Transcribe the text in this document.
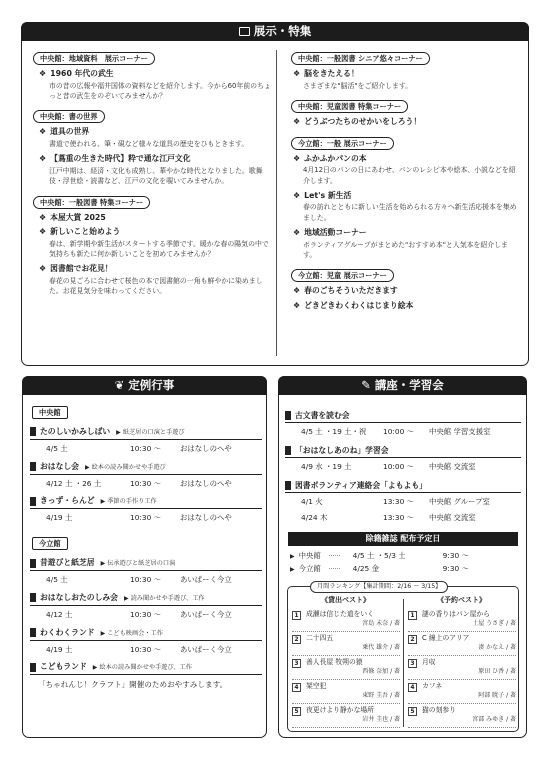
展示・特集
中央館：地域資料　展示コーナー
❖ 1960 年代の武生
市の昔の広報や福井国体の資料などを紹介します。今から60年前のちょっと昔の武生をのぞいてみませんか？
中央館：書の世界
❖ 道具の世界
書道で使われる、筆・硯など様々な道具の歴史をひもときます。
❖ 【蔦重の生きた時代】粋で通な江戸文化
江戸中期は、経済・文化も成熟し、華やかな時代となりました。歌舞伎・浮世絵・読書など、江戸の文化を覗いてみませんか。
中央館：一般図書 特集コーナー
❖ 本屋大賞 2025
❖ 新しいこと始めよう
春は、新学期や新生活がスタートする季節です。暖かな春の陽気の中で気持ちも新たに何か新しいことを初めてみませんか？
❖ 図書館でお花見！
春花の見ごろに合わせて桜色の本で図書館の一角も鮮やかに染めました。お花見気分を味わってください。
中央館：一般図書 シニア悠々コーナー
❖ 脳をきたえる！
さまざまな"脳活"をご紹介します。
中央館：児童図書 特集コーナー
❖ どうぶつたちのせかいをしろう！
今立館：一般 展示コーナー
❖ ふかふかパンの本
4月12日のパンの日にあわせ、パンのレシピ本や絵本、小説などを紹介します。
❖ Let's 新生活
春の訪れとともに新しい生活を始められる方々へ新生活応援本を集めました。
❖ 地域活動コーナー
ボランティアグループがまとめた"おすすめ本"と人気本を紹介します。
今立館：児童 展示コーナー
❖ 春のごちそういただきます
❖ どきどきわくわくはじまり絵本
❦ 定例行事
中央館
たのしいかみしばい ▶ 紙芝居の口演と手遊び
4/5 土	10:30 〜	おはなしのへや
おはなし会 ▶ 絵本の読み聞かせや手遊び
4/12 土 ・26 土	10:30 〜	おはなしのへや
きっず・らんど ▶ 季節の手作り工作
4/19 土	10:30 〜	おはなしのへや
今立館
昔遊びと紙芝居 ▶ 伝承遊びと紙芝居の口演
4/5 土	10:30 〜	あいぱーく今立
おはなしおたのしみ会 ▶ 読み聞かせや手遊び、工作
4/12 土	10:30 〜	あいぱーく今立
わくわくランド ▶ こども映画会・工作
4/19 土	10:30 〜	あいぱーく今立
こどもランド ▶ 絵本の読み聞かせや手遊び、工作
「ちゃれんじ！クラフト」開催のためおやすみします。
✎ 講座・学習会
古文書を読む会
4/5 土 ・19 土・祝	10:00 〜	中央館 学習支援室
「おはなしあのね」学習会
4/9 水 ・19 土	10:00 〜	中央館 交流室
図書ボランティア連絡会「よもよも」
4/1 火	13:30 〜	中央館 グループ室
4/24 木	13:30 〜	中央館 交流室
除籍雑誌 配布予定日
▶ 中央館	……	4/5 土 ・5/3 土	9:30 〜
▶ 今立館	……	4/25 金	9:30 〜
月間ランキング【集計期間：2/16 〜 3/15】
《貸出ベスト》	《予約ベスト》
1	成瀬は信じた道をいく
宮島 未奈 / 著
2	二十四五
乗代 雄介 / 著
3	善人長屋 牧朔の猿
西條 奈加 / 著
4	架空犯
東野 圭吾 / 著
5	夜更けより静かな場所
岩井 圭也 / 著
1	謎の香りはパン屋から
土屋 うさぎ / 著
2	C 線上のアリア
湊 かなえ / 著
3	月収
原田 ひ香 / 著
4	カフネ
阿部 暁子 / 著
5	猫の刻参り
宮部 みゆき / 著
